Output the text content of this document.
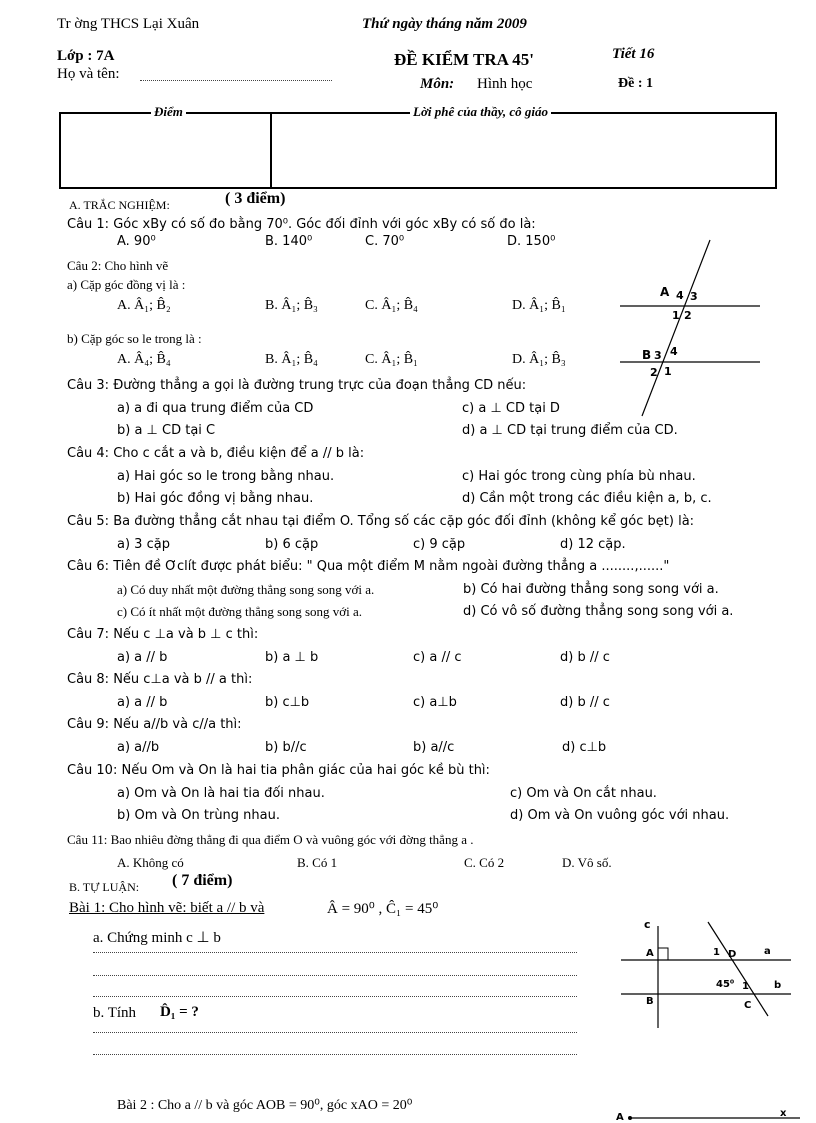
Tr ờng THCS Lại Xuân	Thứ ngày tháng năm 2009
Lớp : 7A	ĐỀ KIỂM TRA 45'	Tiết 16
Họ và tên:
Môn: Hình học	Đề : 1
Điểm	Lời phê của thầy, cô giáo
A. TRẮC NGHIỆM:	( 3 điểm)
Câu 1: Góc xBy có số đo bằng 70⁰. Góc đối đỉnh với góc xBy có số đo là:
A. 90⁰	B. 140⁰	C. 70⁰	D. 150⁰
Câu 2: Cho hình vẽ
a) Cặp góc đồng vị là :
A. Â₁; B̂₂	B. Â₁; B̂₃	C. Â₁; B̂₄	D. Â₁; B̂₁
b) Cặp góc so le trong là :
A. Â₄; B̂₄	B. Â₁; B̂₄	C. Â₁; B̂₁	D. Â₁; B̂₃
A 4 3
1 2
B 3 4
2 1
Câu 3: Đường thẳng a gọi là đường trung trực của đoạn thẳng CD nếu:
a) a đi qua trung điểm của CD	c) a ⊥ CD tại D
b) a ⊥ CD tại C	d) a ⊥ CD tại trung điểm của CD.
Câu 4: Cho c cắt a và b, điều kiện để a // b là:
a) Hai góc so le trong bằng nhau.	c) Hai góc trong cùng phía bù nhau.
b) Hai góc đồng vị bằng nhau.	d) Cần một trong các điều kiện a, b, c.
Câu 5: Ba đường thẳng cắt nhau tại điểm O. Tổng số các cặp góc đối đỉnh (không kể góc bẹt) là:
a) 3 cặp	b) 6 cặp	c) 9 cặp	d) 12 cặp.
Câu 6: Tiên đề Ơclít được phát biểu: " Qua một điểm M nằm ngoài đường thẳng a ........,......"
a) Có duy nhất một đường thẳng song song với a.	b) Có hai đường thẳng song song với a.
c) Có ít nhất một đường thẳng song song với a.	d) Có vô số đường thẳng song song với a.
Câu 7: Nếu c ⊥a và b ⊥ c thì:
a) a // b	b) a ⊥ b	c) a // c	d) b // c
Câu 8: Nếu c⊥a và b // a thì:
a) a // b	b) c⊥b	c) a⊥b	d) b // c
Câu 9: Nếu a//b và c//a thì:
a) a//b	b) b//c	b) a//c	d) c⊥b
Câu 10: Nếu Om và On là hai tia phân giác của hai góc kề bù thì:
a) Om và On là hai tia đối nhau.	c) Om và On cắt nhau.
b) Om và On trùng nhau.	d) Om và On vuông góc với nhau.
Câu 11: Bao nhiêu đờng thẳng đi qua điểm O và vuông góc với đờng thẳng a .
A. Không có	B. Có 1	C. Có 2	D. Vô số.
B. TỰ LUẬN: ( 7 điểm)
Bài 1: Cho hình vẽ: biết a // b và	Â = 90⁰ , Ĉ₁ = 45⁰
a. Chứng minh c ⊥ b
b. Tính D̂₁ = ?
c
A	1 D	a
45⁰ 1	b
B	C
Bài 2 : Cho a // b và góc AOB = 90⁰, góc xAO = 20⁰
A	x
